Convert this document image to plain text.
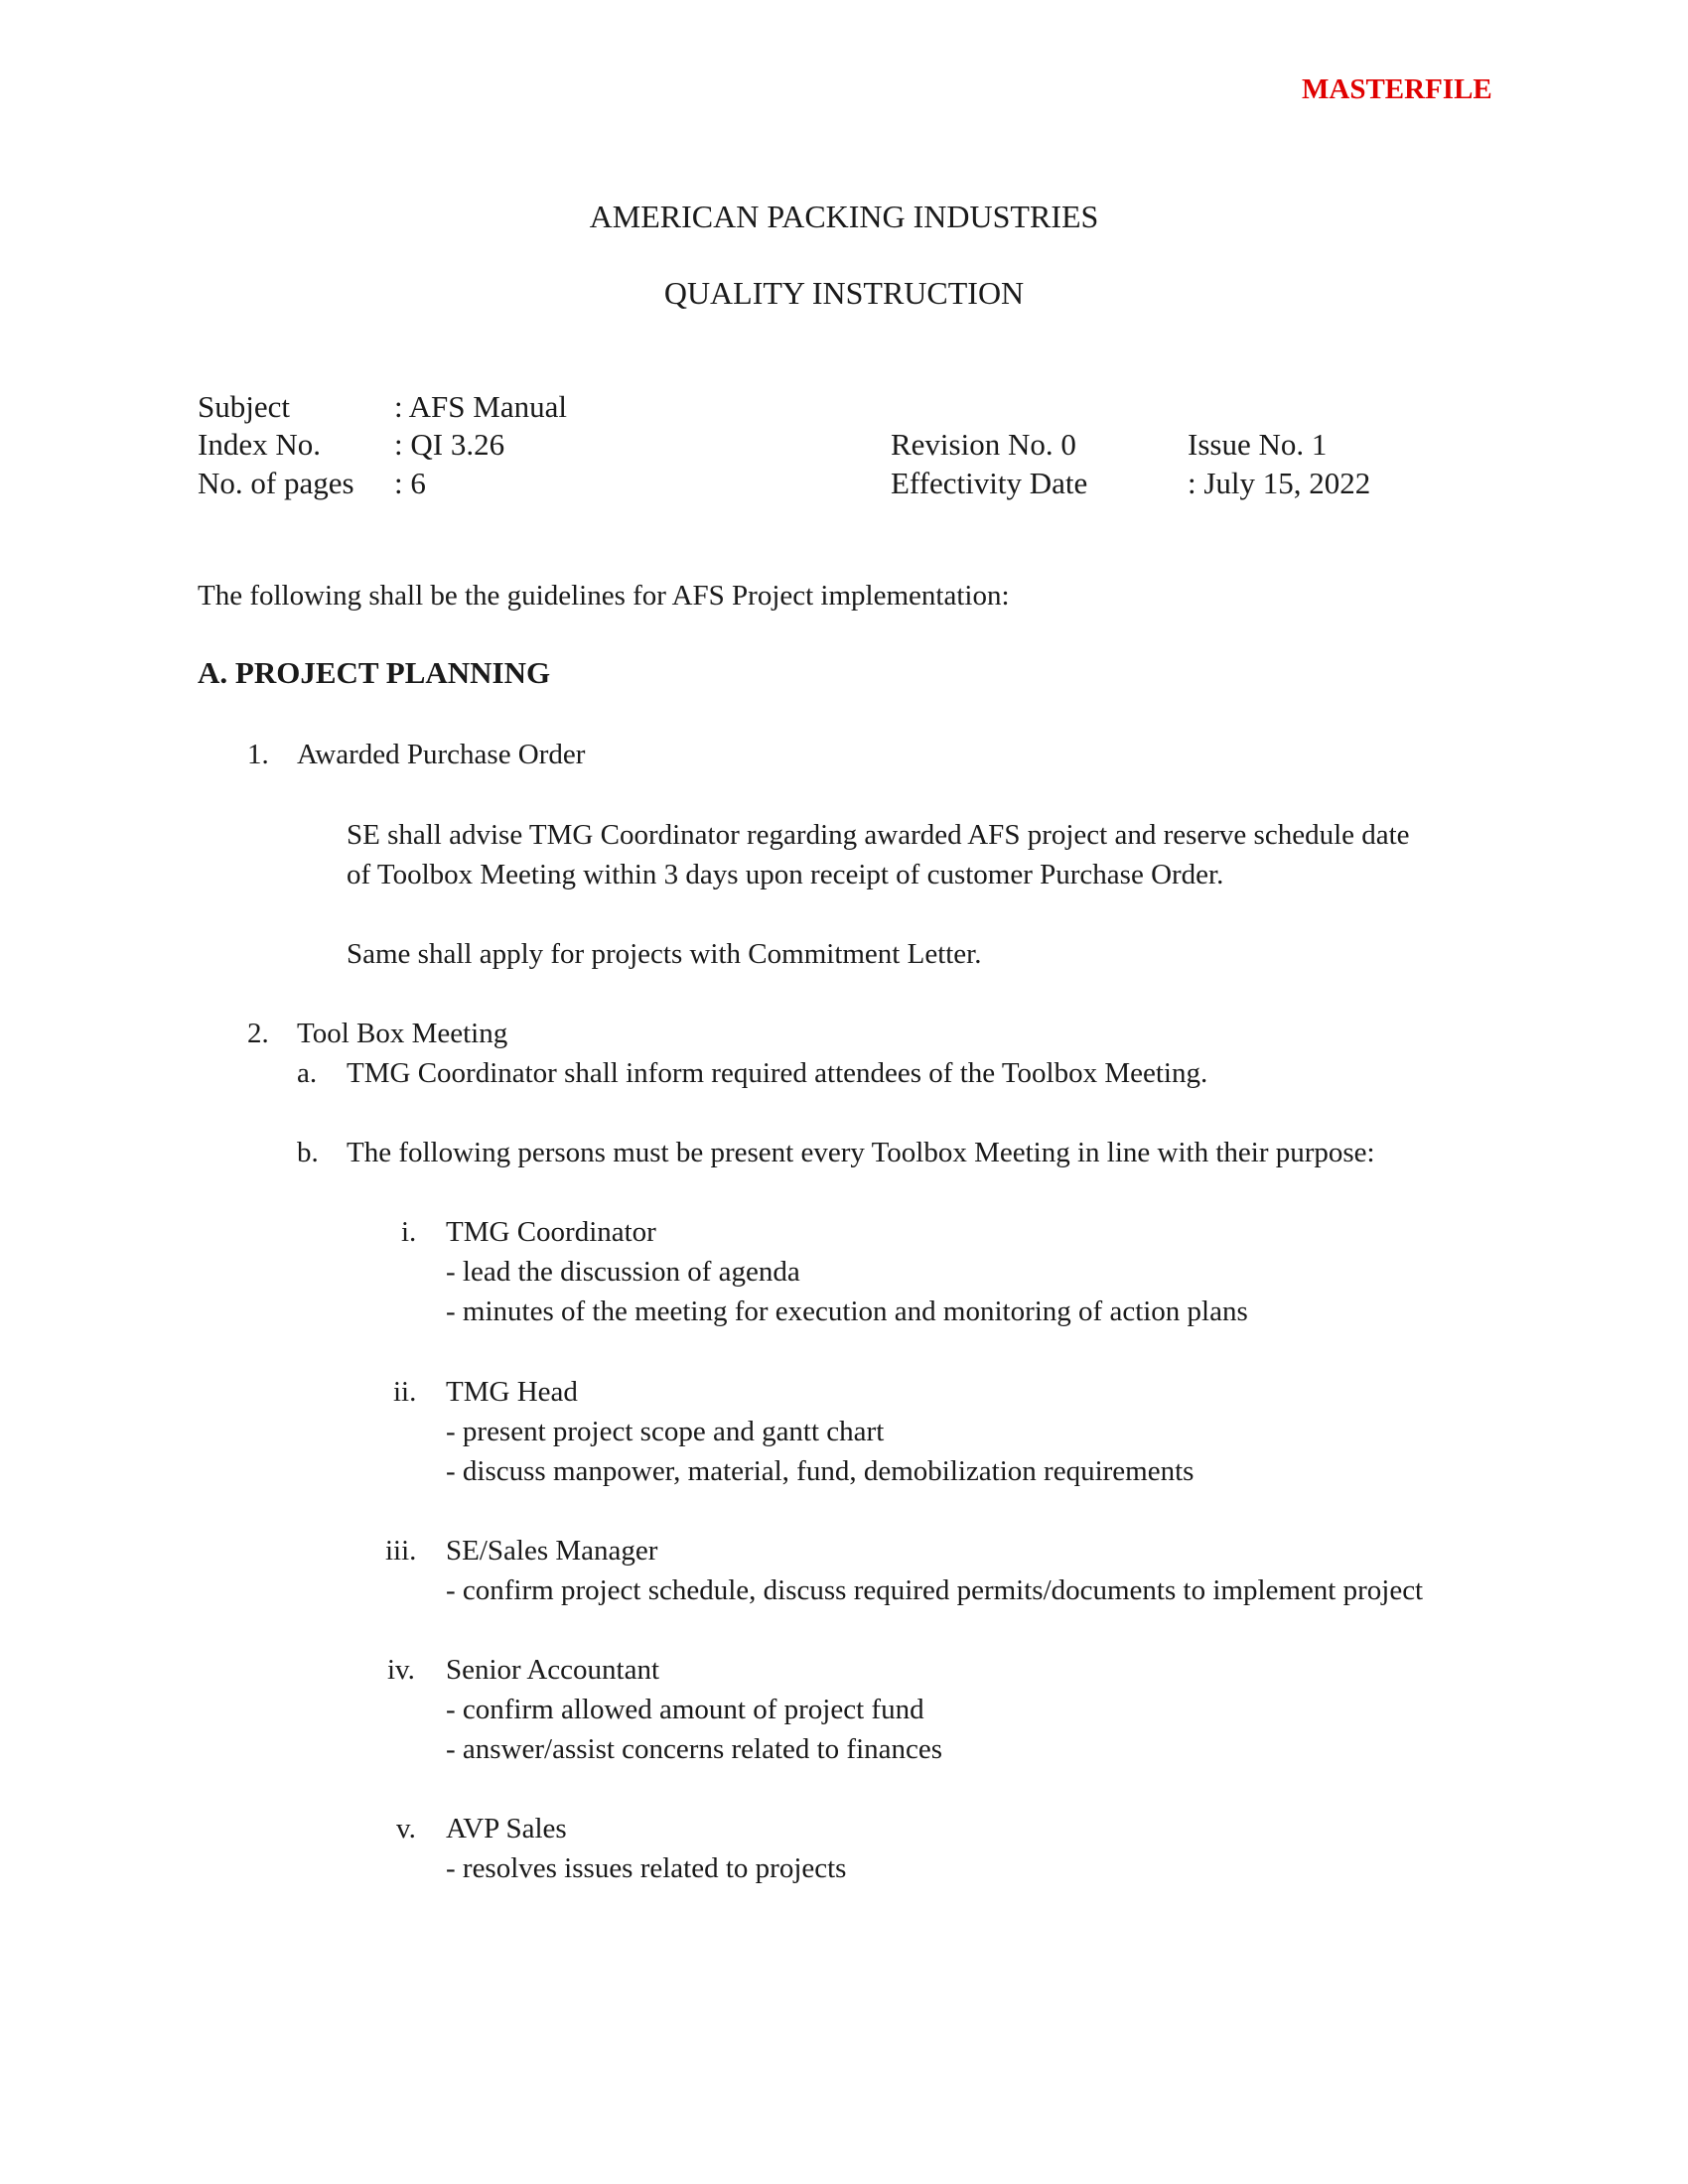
MASTERFILE
AMERICAN PACKING INDUSTRIES
QUALITY INSTRUCTION
Subject	: AFS Manual
Index No. : QI 3.26	Revision No. 0	Issue No. 1
No. of pages : 6	Effectivity Date	: July 15, 2022
The following shall be the guidelines for AFS Project implementation:
A. PROJECT PLANNING
1. Awarded Purchase Order
SE shall advise TMG Coordinator regarding awarded AFS project and reserve schedule date
of Toolbox Meeting within 3 days upon receipt of customer Purchase Order.
Same shall apply for projects with Commitment Letter.
2. Tool Box Meeting
a. TMG Coordinator shall inform required attendees of the Toolbox Meeting.
b. The following persons must be present every Toolbox Meeting in line with their purpose:
i. TMG Coordinator
- lead the discussion of agenda
- minutes of the meeting for execution and monitoring of action plans
ii. TMG Head
- present project scope and gantt chart
- discuss manpower, material, fund, demobilization requirements
iii. SE/Sales Manager
- confirm project schedule, discuss required permits/documents to implement project
iv. Senior Accountant
- confirm allowed amount of project fund
- answer/assist concerns related to finances
v. AVP Sales
- resolves issues related to projects
